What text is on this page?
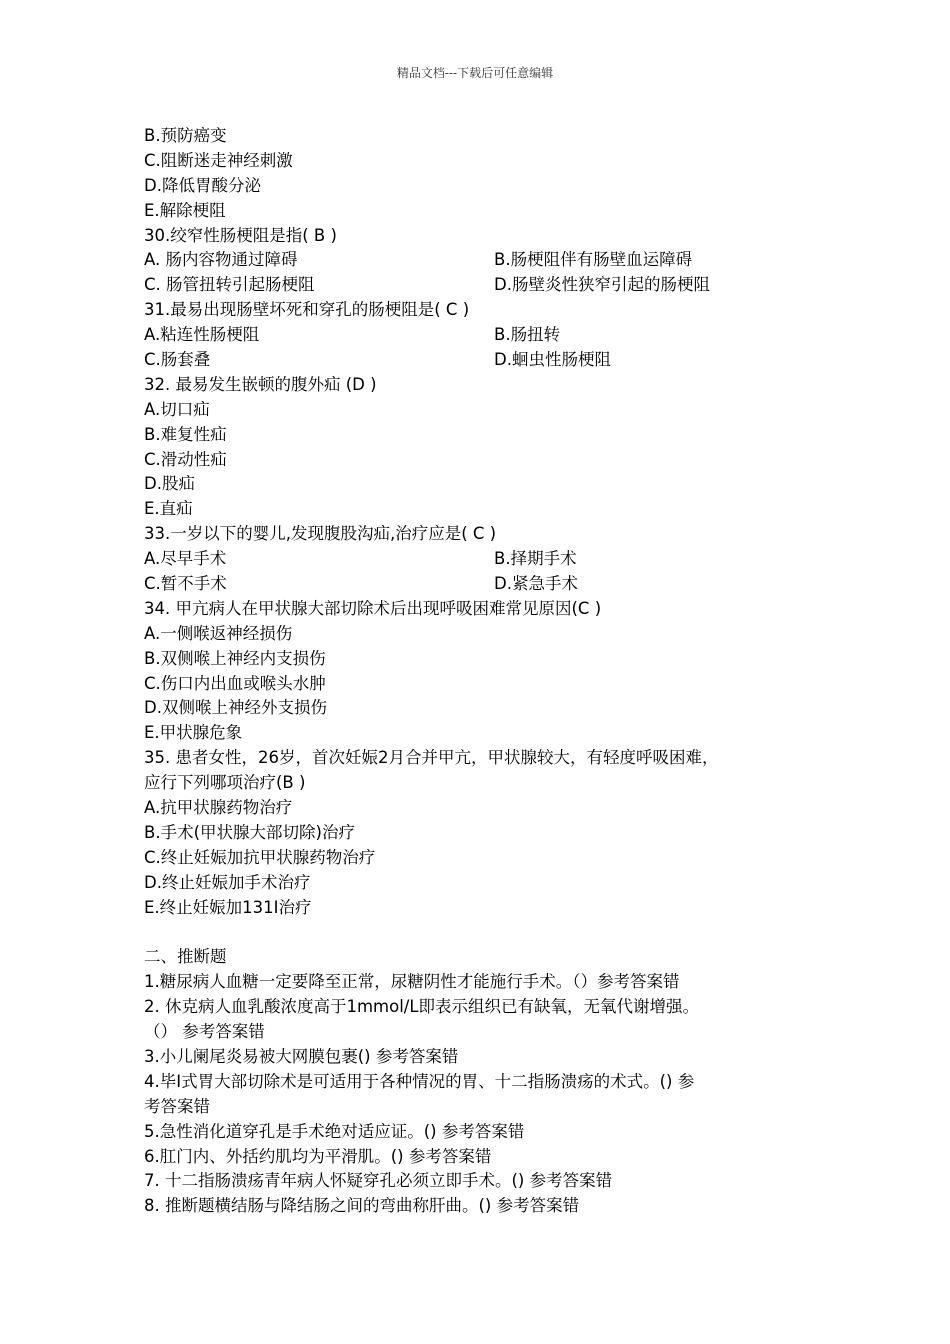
精品文档---下载后可任意编辑
B.预防癌变
C.阻断迷走神经刺激
D.降低胃酸分泌
E.解除梗阻
30.绞窄性肠梗阻是指( B )
A. 肠内容物通过障碍	B.肠梗阻伴有肠壁血运障碍
C. 肠管扭转引起肠梗阻	D.肠壁炎性狭窄引起的肠梗阻
31.最易出现肠壁坏死和穿孔的肠梗阻是( C )
A.粘连性肠梗阻	B.肠扭转
C.肠套叠	D.蛔虫性肠梗阻
32. 最易发生嵌顿的腹外疝 (D )
A.切口疝
B.难复性疝
C.滑动性疝
D.股疝
E.直疝
33.一岁以下的婴儿,发现腹股沟疝,治疗应是( C )
A.尽早手术	B.择期手术
C.暂不手术	D.紧急手术
34. 甲亢病人在甲状腺大部切除术后出现呼吸困难常见原因(C )
A.一侧喉返神经损伤
B.双侧喉上神经内支损伤
C.伤口内出血或喉头水肿
D.双侧喉上神经外支损伤
E.甲状腺危象
35. 患者女性，26岁，首次妊娠2月合并甲亢，甲状腺较大，有轻度呼吸困难，
应行下列哪项治疗(B )
A.抗甲状腺药物治疗
B.手术(甲状腺大部切除)治疗
C.终止妊娠加抗甲状腺药物治疗
D.终止妊娠加手术治疗
E.终止妊娠加131I治疗
二、推断题
1.糖尿病人血糖一定要降至正常，尿糖阴性才能施行手术。（）参考答案错
2. 休克病人血乳酸浓度高于1mmol/L即表示组织已有缺氧，无氧代谢增强。
（） 参考答案错
3.小儿阑尾炎易被大网膜包裹() 参考答案错
4.毕Ⅰ式胃大部切除术是可适用于各种情况的胃、十二指肠溃疡的术式。() 参
考答案错
5.急性消化道穿孔是手术绝对适应证。() 参考答案错
6.肛门内、外括约肌均为平滑肌。() 参考答案错
7. 十二指肠溃疡青年病人怀疑穿孔必须立即手术。() 参考答案错
8. 推断题横结肠与降结肠之间的弯曲称肝曲。() 参考答案错
